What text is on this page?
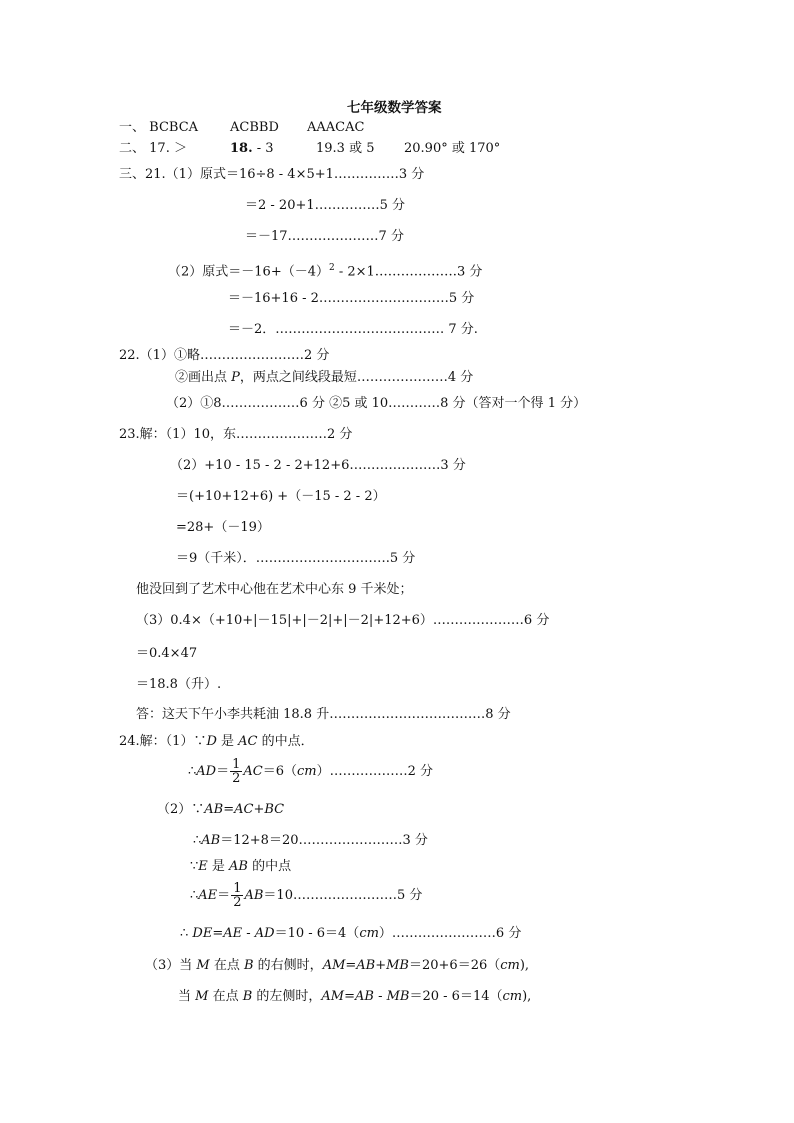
七年级数学答案
一、 BCBCA ACBBD AAACAC
二、 17. ＞	18. - 3	19.3 或 5 20.90° 或 170°
三、21.（1）原式＝16÷8 - 4×5+1……………3 分
＝2 - 20+1……………5 分
＝－17…………………7 分
（2）原式$=-16+(-4)^2$ - 2×1……………….3 分
＝－16+16 - 2…………………………5 分
＝－2．………………………………… 7 分.
22.（1）①略……………………2 分
②画出点 P，两点之间线段最短…………………4 分
（2）①8………………6 分 ②5 或 10…………8 分（答对一个得 1 分）
23.解：（1）10，东…………………2 分
（2）+10 - 15 - 2 - 2+12+6…………………3 分
＝(+10+12+6) +（－15 - 2 - 2）
=28+（－19）
＝9（千米）．………………………….5 分
他没回到了艺术中心他在艺术中心东 9 千米处；
（3）0.4×（+10+|－15|+|－2|+|－2|+12+6）…………………6 分
＝0.4×47
＝18.8（升）.
答：这天下午小李共耗油 18.8 升………………………………8 分
24.解：（1）∵D 是 AC 的中点．
∴AD＝ $\frac{1}{2}$ AC＝6（cm）………………2 分
（2）∵AB=AC+BC
∴AB＝12+8＝20……………………3 分
∵E 是 AB 的中点
∴AE＝ $\frac{1}{2}$ AB＝10……………………5 分
∴ DE=AE - AD＝10 - 6＝4（cm）……………………6 分
（3）当 M 在点 B 的右侧时，AM=AB+MB＝20+6＝26（cm),
当 M 在点 B 的左侧时，AM=AB - MB＝20 - 6＝14（cm),
